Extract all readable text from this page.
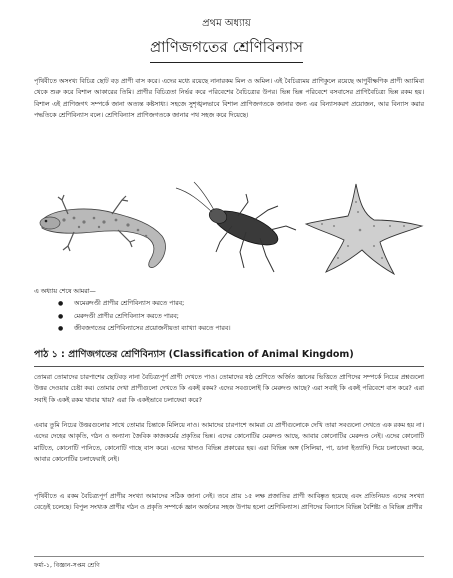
প্রথম অধ্যায়
প্রাণিজগতের শ্রেণিবিন্যাস

পৃথিবীতে অসংখ্য বিচিত্র ছোট বড় প্রাণী বাস করে। এদের মধ্যে রয়েছে নানারকম মিল ও অমিল। এই বৈচিত্র্যময় প্রাণিকুলে রয়েছে আণুবীক্ষণিক প্রাণী অ্যামিবা থেকে শুরু করে বিশাল আকারের তিমি। প্রাণীর বিচিত্রতা নির্ভর করে পরিবেশের বৈচিত্র্যের উপর। ভিন্ন ভিন্ন পরিবেশে বসবাসের প্রাণিবৈচিত্র্য ভিন্ন রকম হয়। বিশাল এই প্রাণিজগৎ সম্পর্কে জানা অত্যন্ত কষ্টসাধ্য। সহজে সুশৃঙ্খলভাবে বিশাল প্রাণিজগতকে জানার জন্য এর বিন্যাসকরণ প্রয়োজন, আর বিন্যাস করার পদ্ধতিকে শ্রেণিবিন্যাস বলে। শ্রেণিবিন্যাস প্রাণিজগতকে জানার পথ সহজ করে দিয়েছে।

এ অধ্যায় শেষে আমরা—
● অমেরুদণ্ডী প্রাণীর শ্রেণিবিন্যাস করতে পারব;
● মেরুদণ্ডী প্রাণীর শ্রেণিবিন্যাস করতে পারব;
● জীবজগতের শ্রেণিবিন্যাসের প্রয়োজনীয়তা ব্যাখ্যা করতে পারব।
পাঠ ১ : প্রাণিজগতের শ্রেণিবিন্যাস (Classification of Animal Kingdom)

তোমরা তোমাদের চারপাশের ছোটবড় নানা বৈচিত্র্যপূর্ণ প্রাণী দেখতে পাও। তোমাদের ষষ্ঠ শ্রেণিতে অর্জিত জ্ঞানের ভিত্তিতে প্রাণিদের সম্পর্কে নিচের প্রশ্নগুলো উত্তর দেওয়ার চেষ্টা কর। তোমার দেখা প্রাণীগুলো দেখতে কি একই রকম? এদের সবগুলোই কি মেরুদণ্ড আছে? এরা সবাই কি একই পরিবেশে বাস করে? এরা সবাই কি একই রকম খাবার খায়? এরা কি একইভাবে চলাফেরা করে?

এবার তুমি নিচের উত্তরগুলোর সাথে তোমার চিন্তাকে মিলিয়ে নাও। আমাদের চারপাশে আমরা যে প্রাণীগুলোকে দেখি তারা সবগুলো দেখতে এক রকম হয় না। এদের দেহের আকৃতি, গঠন ও অন্যান্য জৈবিক কাজকর্মের প্রকৃতির ভিন্ন। এদের কোনোটির মেরুদণ্ড আছে, আবার কোনোটির মেরুদণ্ড নেই। এদের কোনোটি মাটিতে, কোনোটি পানিতে, কোনোটি গাছে বাস করে। এদের খাদ্যও বিভিন্ন প্রকারের হয়। এরা বিভিন্ন অঙ্গ (সিলিয়া, পা, ডানা ইত্যাদি) দিয়ে চলাফেরা করে, আবার কোনোটির চলাফেরাই নেই।

পৃথিবীতে এ রকম বৈচিত্র্যপূর্ণ প্রাণীর সংখ্যা আমাদের সঠিক জানা নেই। তবে প্রায় ১৫ লক্ষ প্রজাতির প্রাণী আবিষ্কৃত হয়েছে এবং প্রতিনিয়ত এদের সংখ্যা বেড়েই চলেছে। বিপুল সংখ্যক প্রাণীর গঠন ও প্রকৃতি সম্পর্কে জ্ঞান অর্জনের সহজ উপায় হলো শ্রেণিবিন্যাস। প্রাণিদের বিন্যাসে বিভিন্ন বৈশিষ্ট্য ও বিভিন্ন প্রাণীর

ফর্মা-১, বিজ্ঞান-সপ্তম শ্রেণি
